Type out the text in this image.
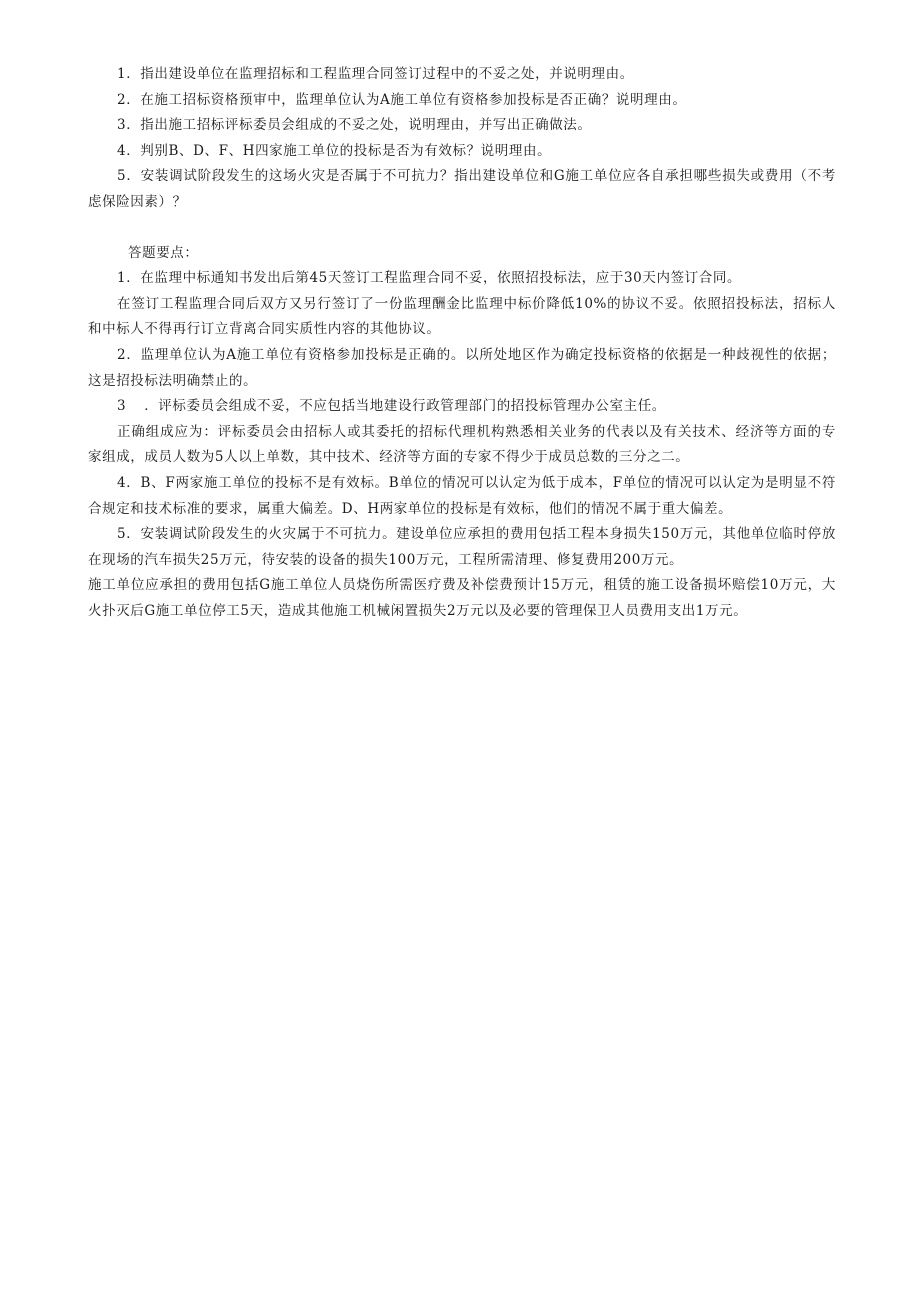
1．指出建设单位在监理招标和工程监理合同签订过程中的不妥之处，并说明理由。

2．在施工招标资格预审中，监理单位认为A施工单位有资格参加投标是否正确？说明理由。

3．指出施工招标评标委员会组成的不妥之处，说明理由，并写出正确做法。

4．判别B、D、F、H四家施工单位的投标是否为有效标？说明理由。

5．安装调试阶段发生的这场火灾是否属于不可抗力？指出建设单位和G施工单位应各自承担哪些损失或费用（不考虑保险因素）？

答题要点：

1．在监理中标通知书发出后第45天签订工程监理合同不妥，依照招投标法，应于30天内签订合同。

在签订工程监理合同后双方又另行签订了一份监理酬金比监理中标价降低10%的协议不妥。依照招投标法，招标人和中标人不得再行订立背离合同实质性内容的其他协议。

2．监理单位认为A施工单位有资格参加投标是正确的。以所处地区作为确定投标资格的依据是一种歧视性的依据；这是招投标法明确禁止的。

3 ．评标委员会组成不妥，不应包括当地建设行政管理部门的招投标管理办公室主任。

正确组成应为：评标委员会由招标人或其委托的招标代理机构熟悉相关业务的代表以及有关技术、经济等方面的专家组成，成员人数为5人以上单数，其中技术、经济等方面的专家不得少于成员总数的三分之二。

4．B、F两家施工单位的投标不是有效标。B单位的情况可以认定为低于成本，F单位的情况可以认定为是明显不符合规定和技术标准的要求，属重大偏差。D、H两家单位的投标是有效标，他们的情况不属于重大偏差。

5．安装调试阶段发生的火灾属于不可抗力。建设单位应承担的费用包括工程本身损失150万元，其他单位临时停放在现场的汽车损失25万元，待安装的设备的损失100万元，工程所需清理、修复费用200万元。

施工单位应承担的费用包括G施工单位人员烧伤所需医疗费及补偿费预计15万元，租赁的施工设备损坏赔偿10万元，大火扑灭后G施工单位停工5天，造成其他施工机械闲置损失2万元以及必要的管理保卫人员费用支出1万元。
